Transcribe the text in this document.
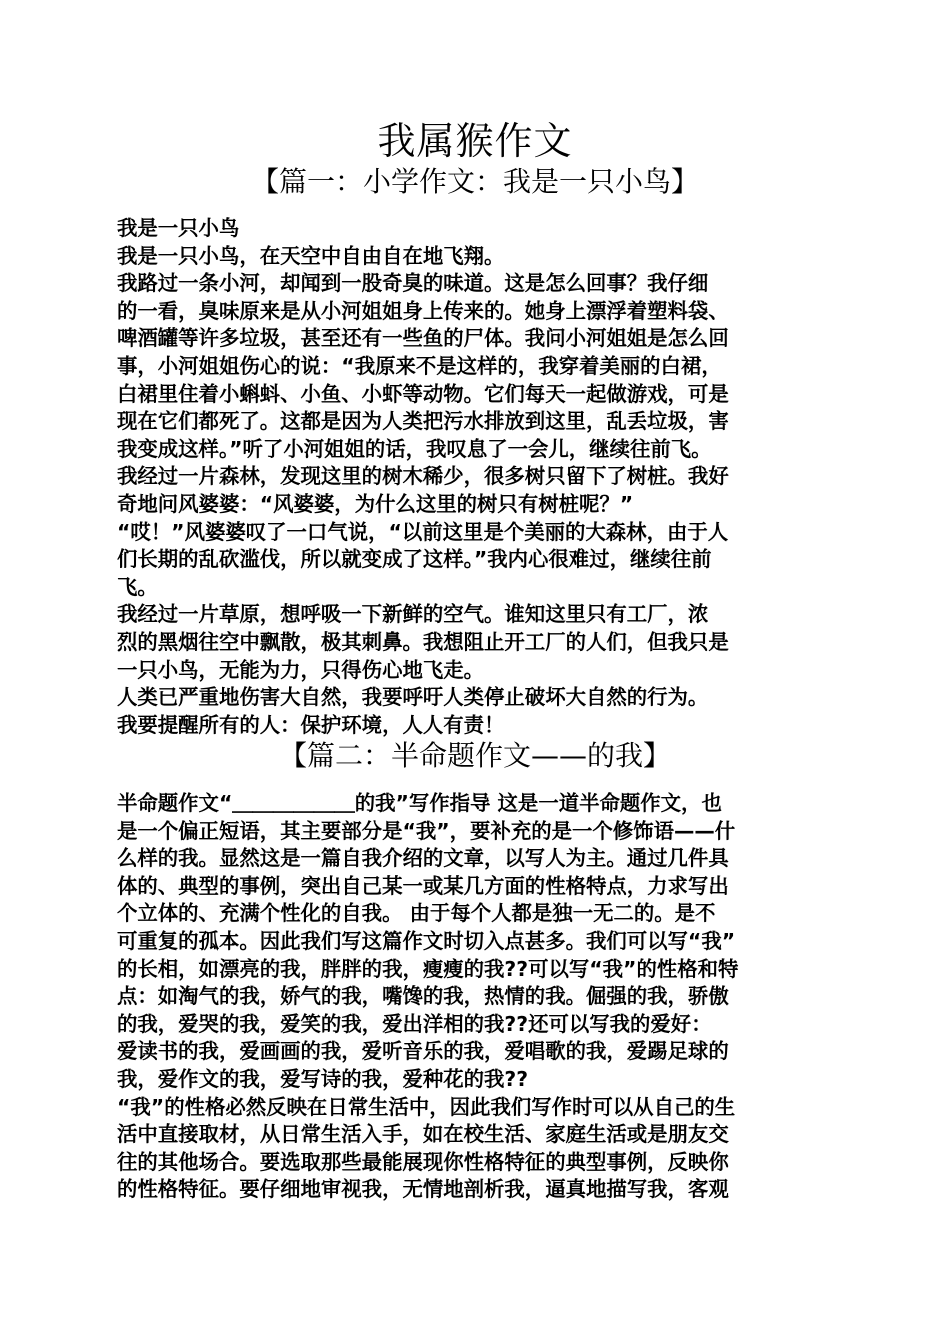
我属猴作文
【篇一：小学作文：我是一只小鸟】
我是一只小鸟
我是一只小鸟，在天空中自由自在地飞翔。
我路过一条小河，却闻到一股奇臭的味道。这是怎么回事？我仔细
的一看，臭味原来是从小河姐姐身上传来的。她身上漂浮着塑料袋、
啤酒罐等许多垃圾，甚至还有一些鱼的尸体。我问小河姐姐是怎么回
事，小河姐姐伤心的说：“我原来不是这样的，我穿着美丽的白裙，
白裙里住着小蝌蚪、小鱼、小虾等动物。它们每天一起做游戏，可是
现在它们都死了。这都是因为人类把污水排放到这里，乱丢垃圾，害
我变成这样。”听了小河姐姐的话，我叹息了一会儿，继续往前飞。
我经过一片森林，发现这里的树木稀少，很多树只留下了树桩。我好
奇地问风婆婆：“风婆婆，为什么这里的树只有树桩呢？”
“哎！”风婆婆叹了一口气说，“以前这里是个美丽的大森林，由于人
们长期的乱砍滥伐，所以就变成了这样。”我内心很难过，继续往前
飞。
我经过一片草原，想呼吸一下新鲜的空气。谁知这里只有工厂，浓
烈的黑烟往空中飘散，极其刺鼻。我想阻止开工厂的人们，但我只是
一只小鸟，无能为力，只得伤心地飞走。
人类已严重地伤害大自然，我要呼吁人类停止破坏大自然的行为。
我要提醒所有的人：保护环境，人人有责！
【篇二：半命题作文——的我】
半命题作文“＿＿＿＿＿＿的我”写作指导 这是一道半命题作文，也
是一个偏正短语，其主要部分是“我”，要补充的是一个修饰语——什
么样的我。显然这是一篇自我介绍的文章，以写人为主。通过几件具
体的、典型的事例，突出自己某一或某几方面的性格特点，力求写出
个立体的、充满个性化的自我。 由于每个人都是独一无二的。是不
可重复的孤本。因此我们写这篇作文时切入点甚多。我们可以写“我”
的长相，如漂亮的我，胖胖的我，瘦瘦的我??可以写“我”的性格和特
点：如淘气的我，娇气的我，嘴馋的我，热情的我。倔强的我，骄傲
的我，爱哭的我，爱笑的我，爱出洋相的我??还可以写我的爱好：
爱读书的我，爱画画的我，爱听音乐的我，爱唱歌的我，爱踢足球的
我，爱作文的我，爱写诗的我，爱种花的我??
“我”的性格必然反映在日常生活中，因此我们写作时可以从自己的生
活中直接取材，从日常生活入手，如在校生活、家庭生活或是朋友交
往的其他场合。要选取那些最能展现你性格特征的典型事例，反映你
的性格特征。要仔细地审视我，无情地剖析我，逼真地描写我，客观
